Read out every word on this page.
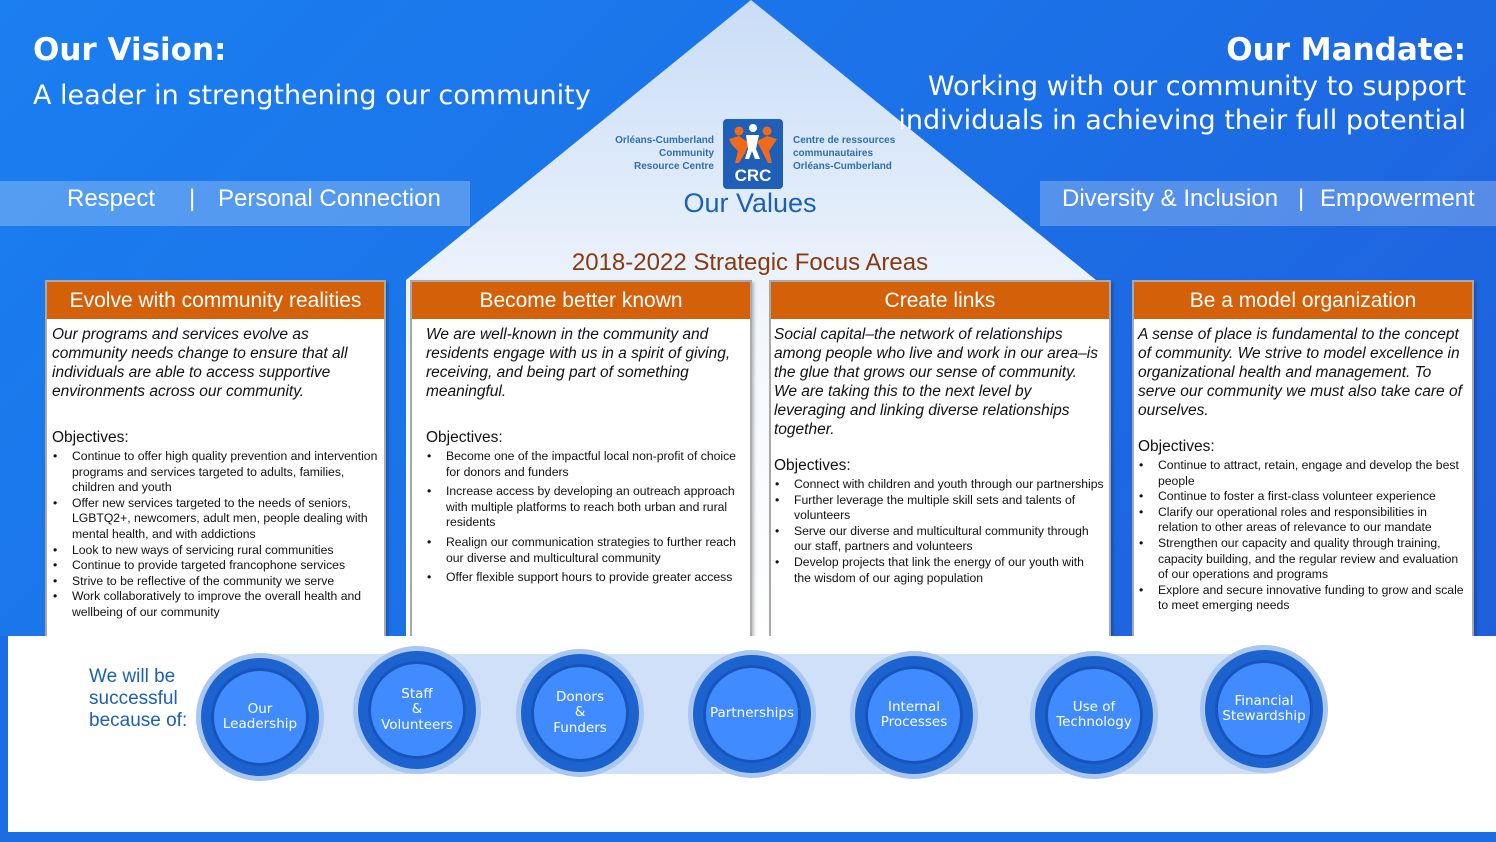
Respect | Personal Connection	Diversity & Inclusion | Empowerment
Our Vision:
A leader in strengthening our community
Our Mandate:
Working with our community to support individuals in achieving their full potential
Orléans-Cumberland
Community
Resource Centre	CRC
Centre de ressources
communautaires
Orléans-Cumberland
Our Values
2018-2022 Strategic Focus Areas
Evolve with community realities
Our programs and services evolve as community needs change to ensure that all individuals are able to access supportive environments across our community.
Objectives:
• Continue to offer high quality prevention and intervention programs and services targeted to adults, families, children and youth
• Offer new services targeted to the needs of seniors, LGBTQ2+, newcomers, adult men, people dealing with mental health, and with addictions
• Look to new ways of servicing rural communities
• Continue to provide targeted francophone services
• Strive to be reflective of the community we serve
• Work collaboratively to improve the overall health and wellbeing of our community
Become better known
We are well-known in the community and residents engage with us in a spirit of giving, receiving, and being part of something meaningful.
Objectives:
• Become one of the impactful local non-profit of choice for donors and funders
• Increase access by developing an outreach approach with multiple platforms to reach both urban and rural residents
• Realign our communication strategies to further reach our diverse and multicultural community
• Offer flexible support hours to provide greater access
Create links
Social capital–the network of relationships among people who live and work in our area–is the glue that grows our sense of community. We are taking this to the next level by leveraging and linking diverse relationships together.
Objectives:
• Connect with children and youth through our partnerships
• Further leverage the multiple skill sets and talents of volunteers
• Serve our diverse and multicultural community through our staff, partners and volunteers
• Develop projects that link the energy of our youth with the wisdom of our aging population
Be a model organization
A sense of place is fundamental to the concept of community. We strive to model excellence in organizational health and management. To serve our community we must also take care of ourselves.
Objectives:
• Continue to attract, retain, engage and develop the best people
• Continue to foster a first-class volunteer experience
• Clarify our operational roles and responsibilities in relation to other areas of relevance to our mandate
• Strengthen our capacity and quality through training, capacity building, and the regular review and evaluation of our operations and programs
• Explore and secure innovative funding to grow and scale to meet emerging needs
We will be
successful
because of:
Our
Leadership
Staff
&
Volunteers
Donors
&
Funders
Partnerships	Internal
Processes
Use of
Technology
Financial
Stewardship
